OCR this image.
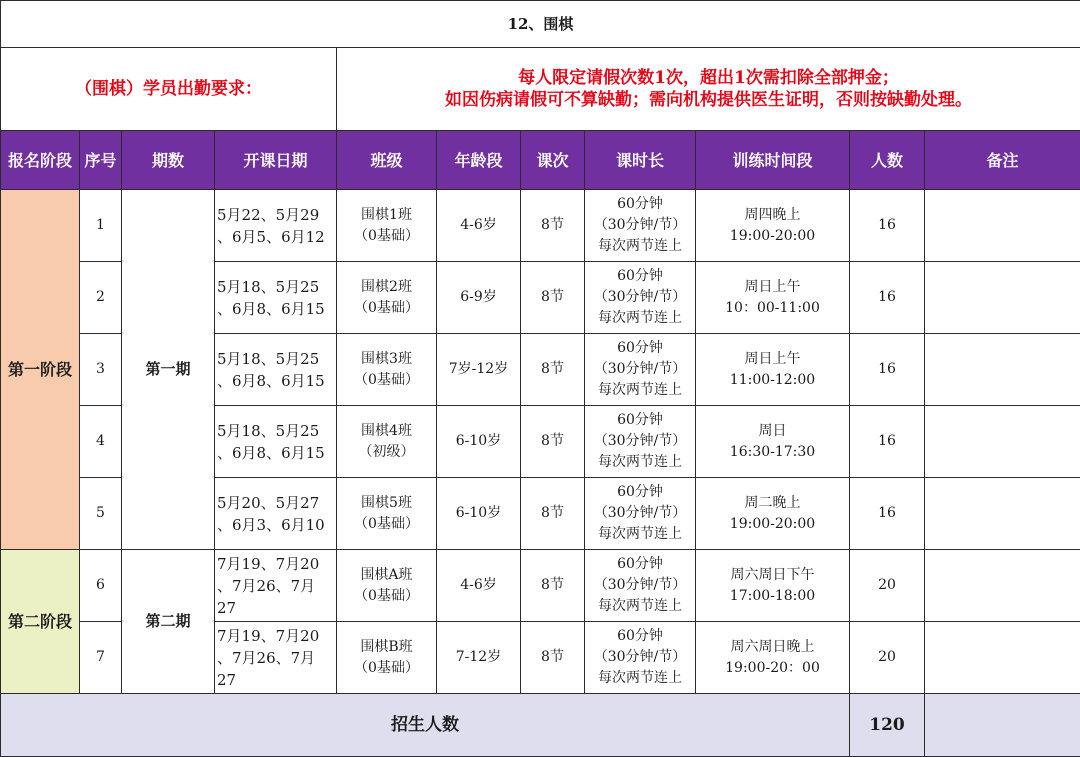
12、围棋										
（围棋）学员出勤要求：				每人限定请假次数1次，超出1次需扣除全部押金；
如因伤病请假可不算缺勤；需向机构提供医生证明，否则按缺勤处理。						
报名阶段	序号	期数	开课日期	班级	年龄段	课次	课时长	训练时间段	人数	备注
第一阶段	1	第一期	5月22、5月29
、6月5、6月12	围棋1班
（0基础）	4-6岁	8节	60分钟
（30分钟/节）
每次两节连上	周四晚上
19:00-20:00	16	
	2		5月18、5月25
、6月8、6月15	围棋2班
（0基础）	6-9岁	8节	60分钟
（30分钟/节）
每次两节连上	周日上午
10：00-11:00	16	
	3		5月18、5月25
、6月8、6月15	围棋3班
（0基础）	7岁-12岁	8节	60分钟
（30分钟/节）
每次两节连上	周日上午
11:00-12:00	16	
	4		5月18、5月25
、6月8、6月15	围棋4班
（初级）	6-10岁	8节	60分钟
（30分钟/节）
每次两节连上	周日
16:30-17:30	16	
	5		5月20、5月27
、6月3、6月10	围棋5班
（0基础）	6-10岁	8节	60分钟
（30分钟/节）
每次两节连上	周二晚上
19:00-20:00	16	
第二阶段	6	第二期	7月19、7月20
、7月26、7月
27	围棋A班
（0基础）	4-6岁	8节	60分钟
（30分钟/节）
每次两节连上	周六周日下午
17:00-18:00	20	
	7		7月19、7月20
、7月26、7月
27	围棋B班
（0基础）	7-12岁	8节	60分钟
（30分钟/节）
每次两节连上	周六周日晚上
19:00-20：00	20	
招生人数									120	
